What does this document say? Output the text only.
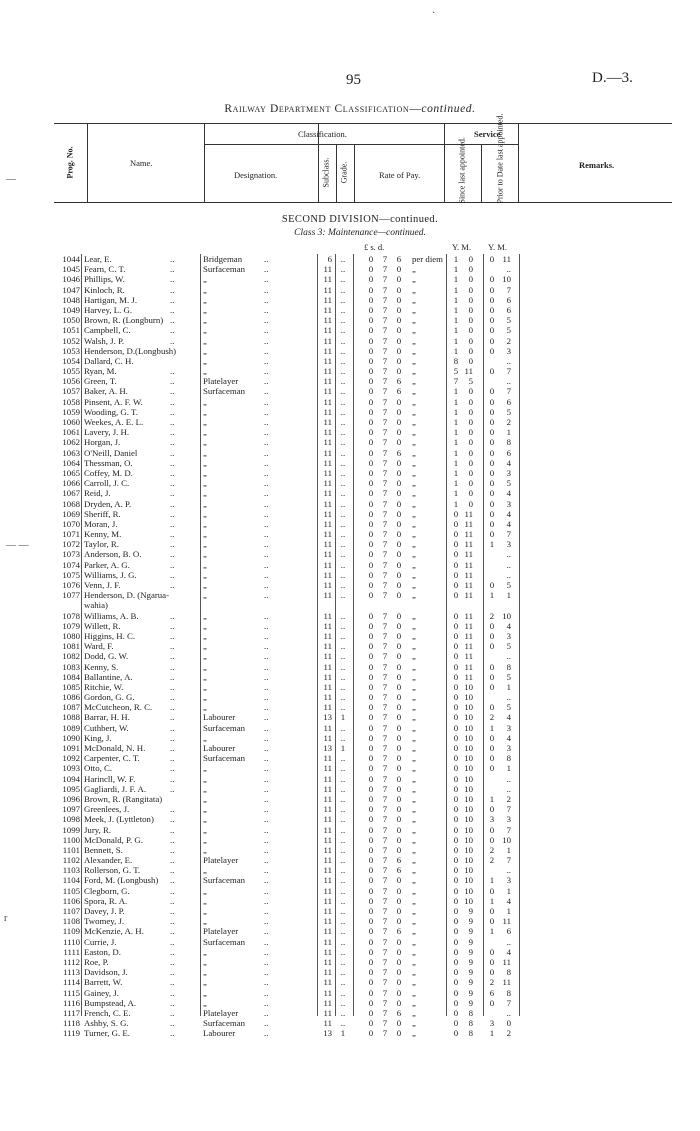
95	D.—3.
Railway Department Classification—continued.
Prog. No.	Name.
Classification.
Designation.	Subclass. Grade.	Rate of Pay.
Service
Since last appointed.	Prior to Date last appointed.	Remarks.
SECOND DIVISION—continued.
Class 3: Maintenance—continued.
£ s. d.	Y. M. Y. M.
—
— —
r
·
1044 Lear, E.	..	Bridgeman ..	6 ..	0	7	6	per diem	1	0	0 11
1045 Fearn, C. T.	..	Surfaceman ..	11 ..	0	7	0	„	1	0	..
1046 Phillips, W.	..	„	..	11 ..	0	7	0	„	1	0	0 10
1047 Kinloch, R.	..	„	..	11 ..	0	7	0	„	1	0	0	7
1048 Hartigan, M. J.	..	„	..	11 ..	0	7	0	„	1	0	0	6
1049 Harvey, L. G.	..	„	..	11 ..	0	7	0	„	1	0	0	6
1050 Brown, R. (Longburn) ..	„	..	11 ..	0	7	0	„	1	0	0	5
1051 Campbell, C.	..	„	..	11 ..	0	7	0	„	1	0	0	5
1052 Walsh, J. P.	..	„	..	11 ..	0	7	0	„	1	0	0	2
1053 Henderson, D.(Longbush)	„	..	11 ..	0	7	0	„	1	0	0	3
1054 Dallard, C. H.	„	..	11 ..	0	7	0	„	8	0	..
1055 Ryan, M.	..	„	..	11 ..	0	7	0	„	5 11	0	7
1056 Green, T.	..	Platelayer	..	11 ..	0	7	6	„	7	5	..
1057 Baker, A. H.	..	Surfaceman ..	11 ..	0	7	6	„	1	0	0	7
1058 Pinsent, A. F. W.	..	„	..	11 ..	0	7	0	„	1	0	0	6
1059 Wooding, G. T.	..	„	..	11 ..	0	7	0	„	1	0	0	5
1060 Weekes, A. E. L.	..	„	..	11 ..	0	7	0	„	1	0	0	2
1061 Lavery, J. H.	..	„	..	11 ..	0	7	0	„	1	0	0	1
1062 Horgan, J.	..	„	..	11 ..	0	7	0	„	1	0	0	8
1063 O'Neill, Daniel	..	„	..	11 ..	0	7	6	„	1	0	0	6
1064 Thessman, O.	..	„	..	11 ..	0	7	0	„	1	0	0	4
1065 Coffey, M. D.	..	„	..	11 ..	0	7	0	„	1	0	0	3
1066 Carroll, J. C.	..	„	..	11 ..	0	7	0	„	1	0	0	5
1067 Reid, J.	..	„	..	11 ..	0	7	0	„	1	0	0	4
1068 Dryden, A. P.	..	„	..	11 ..	0	7	0	„	1	0	0	3
1069 Sheriff, R.	..	„	..	11 ..	0	7	0	„	0 11	0	4
1070 Moran, J.	..	„	..	11 ..	0	7	0	„	0 11	0	4
1071 Kenny, M.	..	„	..	11 ..	0	7	0	„	0 11	0	7
1072 Taylor, R.	..	„	..	11 ..	0	7	0	„	0 11	1	3
1073 Anderson, B. O.	..	„	..	11 ..	0	7	0	„	0 11	..
1074 Parker, A. G.	..	„	..	11 ..	0	7	0	„	0 11	..
1075 Williams, J. G.	..	„	..	11 ..	0	7	0	„	0 11	..
1076 Venn, J. F.	..	„	..	11 ..	0	7	0	„	0 11	0	5
1077 Henderson, D. (Ngarua-	„	..	11 ..	0	7	0	„	0 11	1	1
wahia)
1078 Williams, A. B.	..	„	..	11 ..	0	7	0	„	0 11	2 10
1079 Willett, R.	..	„	..	11 ..	0	7	0	„	0 11	0	4
1080 Higgins, H. C.	..	„	..	11 ..	0	7	0	„	0 11	0	3
1081 Ward, F.	..	„	..	11 ..	0	7	0	„	0 11	0	5
1082 Dodd, G. W.	..	„	..	11 ..	0	7	0	„	0 11	..
1083 Kenny, S.	..	„	..	11 ..	0	7	0	„	0 11	0	8
1084 Ballantine, A.	..	„	..	11 ..	0	7	0	„	0 11	0	5
1085 Ritchie, W.	..	„	..	11 ..	0	7	0	„	0 10	0	1
1086 Gordon, G. G.	..	„	..	11 ..	0	7	0	„	0 10	..
1087 McCutcheon, R. C. ..	„	..	11 ..	0	7	0	„	0 10	0	5
1088 Barrar, H. H.	..	Labourer	..	13 1	0	7	0	„	0 10	2	4
1089 Cuthbert, W.	..	Surfaceman ..	11 ..	0	7	0	„	0 10	1	3
1090 King, J.	..	„	..	11 ..	0	7	0	„	0 10	0	4
1091 McDonald, N. H.	..	Labourer	..	13 1	0	7	0	„	0 10	0	3
1092 Carpenter, C. T.	..	Surfaceman ..	11 ..	0	7	0	„	0 10	0	8
1093 Otto, C.	..	„	..	11 ..	0	7	0	„	0 10	0	1
1094 Harincll, W. F.	..	„	..	11 ..	0	7	0	„	0 10	..
1095 Gagliardi, J. F. A.	..	„	..	11 ..	0	7	0	„	0 10	..
1096 Brown, R. (Rangitata)	„	..	11 ..	0	7	0	„	0 10	1	2
1097 Greenlees, J.	..	„	..	11 ..	0	7	0	„	0 10	0	7
1098 Meek, J. (Lyttleton) ..	„	..	11 ..	0	7	0	„	0 10	3	3
1099 Jury, R.	..	„	..	11 ..	0	7	0	„	0 10	0	7
1100 McDonald, P. G.	..	„	..	11 ..	0	7	0	„	0 10	0 10
1101 Bennett, S.	..	„	..	11 ..	0	7	0	„	0 10	2	1
1102 Alexander, E.	..	Platelayer	..	11 ..	0	7	6	„	0 10	2	7
1103 Rollerson, G. T.	..	„	..	11 ..	0	7	6	„	0 10	..
1104 Ford, M. (Longbush) ..	Surfaceman ..	11 ..	0	7	0	„	0 10	1	3
1105 Clegborn, G.	..	„	..	11 ..	0	7	0	„	0 10	0	1
1106 Spora, R. A.	..	„	..	11 ..	0	7	0	„	0 10	1	4
1107 Davey, J. P.	..	„	..	11 ..	0	7	0	„	0	9	0	1
1108 Twomey, J.	..	„	..	11 ..	0	7	0	„	0	9	0 11
1109 McKenzie, A. H.	..	Platelayer	..	11 ..	0	7	6	„	0	9	1	6
1110 Currie, J.	..	Surfaceman ..	11 ..	0	7	0	„	0	9	..
1111 Easton, D.	..	„	..	11 ..	0	7	0	„	0	9	0	4
1112 Roe, P.	..	„	..	11 ..	0	7	0	„	0	9	0 11
1113 Davidson, J.	..	„	..	11 ..	0	7	0	„	0	9	0	8
1114 Barrett, W.	..	„	..	11 ..	0	7	0	„	0	9	2 11
1115 Gainey, J.	..	„	..	11 ..	0	7	0	„	0	9	6	8
1116 Bumpstead, A.	..	„	..	11 ..	0	7	0	„	0	9	0	7
1117 French, C. E.	..	Platelayer	..	11 ..	0	7	6	„	0	8	..
1118 Ashby, S. G.	..	Surfaceman ..	11 ..	0	7	0	„	0	8	3	0
1119 Turner, G. E.	..	Labourer	..	13 1	0	7	0	„	0	8	1	2
